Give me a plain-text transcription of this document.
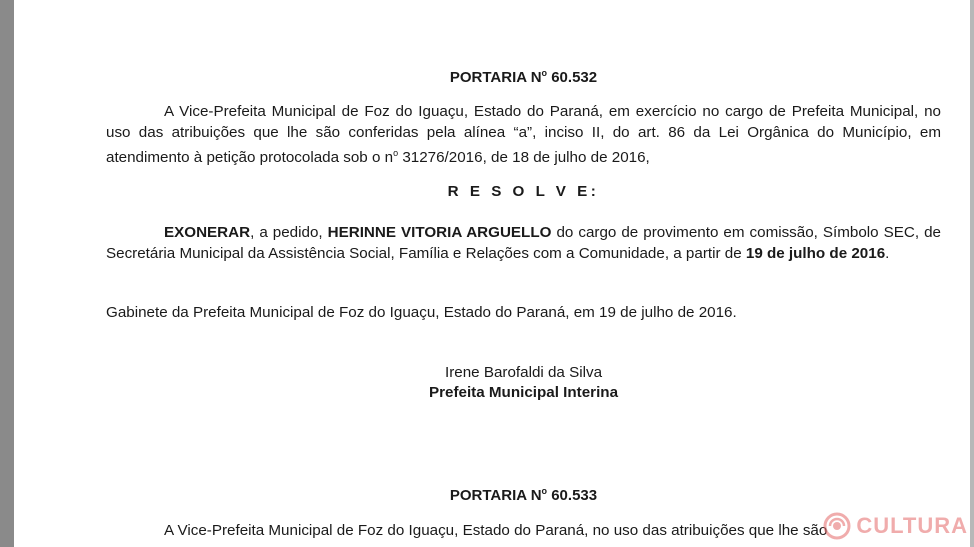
PORTARIA $N^o$ 60.532

A Vice-Prefeita Municipal de Foz do Iguaçu, Estado do Paraná, em exercício no cargo de Prefeita Municipal, no uso das atribuições que lhe são conferidas pela alínea “a”, inciso II, do art. 86 da Lei Orgânica do Município, em atendimento à petição protocolada sob o $n^o$ 31276/2016, de 18 de julho de 2016,

R E S O L V E:

EXONERAR, a pedido, HERINNE VITORIA ARGUELLO do cargo de provimento em comissão, Símbolo SEC, de Secretária Municipal da Assistência Social, Família e Relações com a Comunidade, a partir de 19 de julho de 2016.

Gabinete da Prefeita Municipal de Foz do Iguaçu, Estado do Paraná, em 19 de julho de 2016.

Irene Barofaldi da Silva

Prefeita Municipal Interina

PORTARIA $N^o$ 60.533

A Vice-Prefeita Municipal de Foz do Iguaçu, Estado do Paraná, no uso das atribuições que lhe são	CULTURA
